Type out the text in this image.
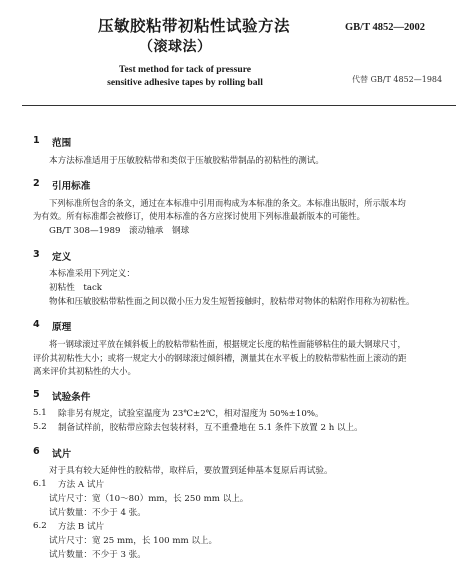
压敏胶粘带初粘性试验方法
（滚球法）
GB/T 4852—2002
Test method for tack of pressure
sensitive adhesive tapes by rolling ball	代替 GB/T 4852—1984
1 范围
本方法标准适用于压敏胶粘带和类似于压敏胶粘带制品的初粘性的测试。
2 引用标准
下列标准所包含的条文，通过在本标准中引用而构成为本标准的条文。本标准出版时，所示版本均
为有效。所有标准都会被修订，使用本标准的各方应探讨使用下列标准最新版本的可能性。
GB/T 308—1989　滚动轴承　钢球
3 定义
本标准采用下列定义：
初粘性　tack
物体和压敏胶粘带粘性面之间以微小压力发生短暂接触时，胶粘带对物体的粘附作用称为初粘性。
4 原理
将一钢球滚过平放在倾斜板上的胶粘带粘性面，根据规定长度的粘性面能够粘住的最大钢球尺寸，
评价其初粘性大小；或将一规定大小的钢球滚过倾斜槽，测量其在水平板上的胶粘带粘性面上滚动的距
离来评价其初粘性的大小。
5 试验条件
5.1 除非另有规定，试验室温度为 23℃±2℃，相对湿度为 50%±10%。
5.2 制备试样前，胶粘带应除去包装材料，互不重叠地在 5.1 条件下放置 2 h 以上。
6 试片
对于具有较大延伸性的胶粘带，取样后，要放置到延伸基本复原后再试验。
6.1 方法 A 试片
试片尺寸：宽（10～80）mm，长 250 mm 以上。
试片数量：不少于 4 张。
6.2 方法 B 试片
试片尺寸：宽 25 mm，长 100 mm 以上。
试片数量：不少于 3 张。
